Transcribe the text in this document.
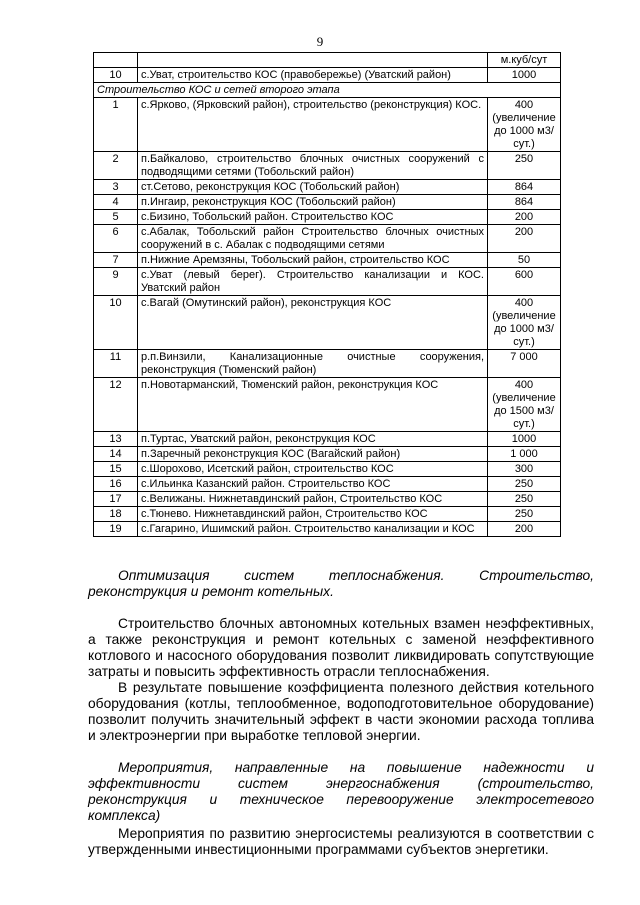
9
		м.куб/сут
10	с.Уват, строительство КОС (правобережье) (Уватский район)	1000
Строительство КОС и сетей второго этапа		
1	с.Ярково, (Ярковский район), строительство (реконструкция) КОС.	400 (увеличение до 1000 м3/сут.)
2	п.Байкалово, строительство блочных очистных сооружений с подводящими сетями (Тобольский район)	250
3	ст.Сетово, реконструкция КОС (Тобольский район)	864
4	п.Ингаир, реконструкция КОС (Тобольский район)	864
5	с.Бизино, Тобольский район. Строительство КОС	200
6	с.Абалак, Тобольский район Строительство блочных очистных сооружений в с. Абалак с подводящими сетями	200
7	п.Нижние Аремзяны, Тобольский район, строительство КОС	50
9	с.Уват (левый берег). Строительство канализации и КОС. Уватский район	600
10	с.Вагай (Омутинский район), реконструкция КОС	400 (увеличение до 1000 м3/сут.)
11	р.п.Винзили, Канализационные очистные сооружения, реконструкция (Тюменский район)	7 000
12	п.Новотарманский, Тюменский район, реконструкция КОС	400 (увеличение до 1500 м3/сут.)
13	п.Туртас, Уватский район, реконструкция КОС	1000
14	п.Заречный реконструкция КОС (Вагайский район)	1 000
15	с.Шорохово, Исетский район, строительство КОС	300
16	с.Ильинка Казанский район. Строительство КОС	250
17	с.Велижаны. Нижнетавдинский район, Строительство КОС	250
18	с.Тюнево. Нижнетавдинский район, Строительство КОС	250
19	с.Гагарино, Ишимский район. Строительство канализации и КОС	200

Оптимизация систем теплоснабжения. Строительство, реконструкция и ремонт котельных.

Строительство блочных автономных котельных взамен неэффективных, а также реконструкция и ремонт котельных с заменой неэффективного котлового и насосного оборудования позволит ликвидировать сопутствующие затраты и повысить эффективность отрасли теплоснабжения.

В результате повышение коэффициента полезного действия котельного оборудования (котлы, теплообменное, водоподготовительное оборудование) позволит получить значительный эффект в части экономии расхода топлива и электроэнергии при выработке тепловой энергии.

Мероприятия, направленные на повышение надежности и эффективности систем энергоснабжения (строительство, реконструкция и техническое перевооружение электросетевого комплекса)

Мероприятия по развитию энергосистемы реализуются в соответствии с утвержденными инвестиционными программами субъектов энергетики.
